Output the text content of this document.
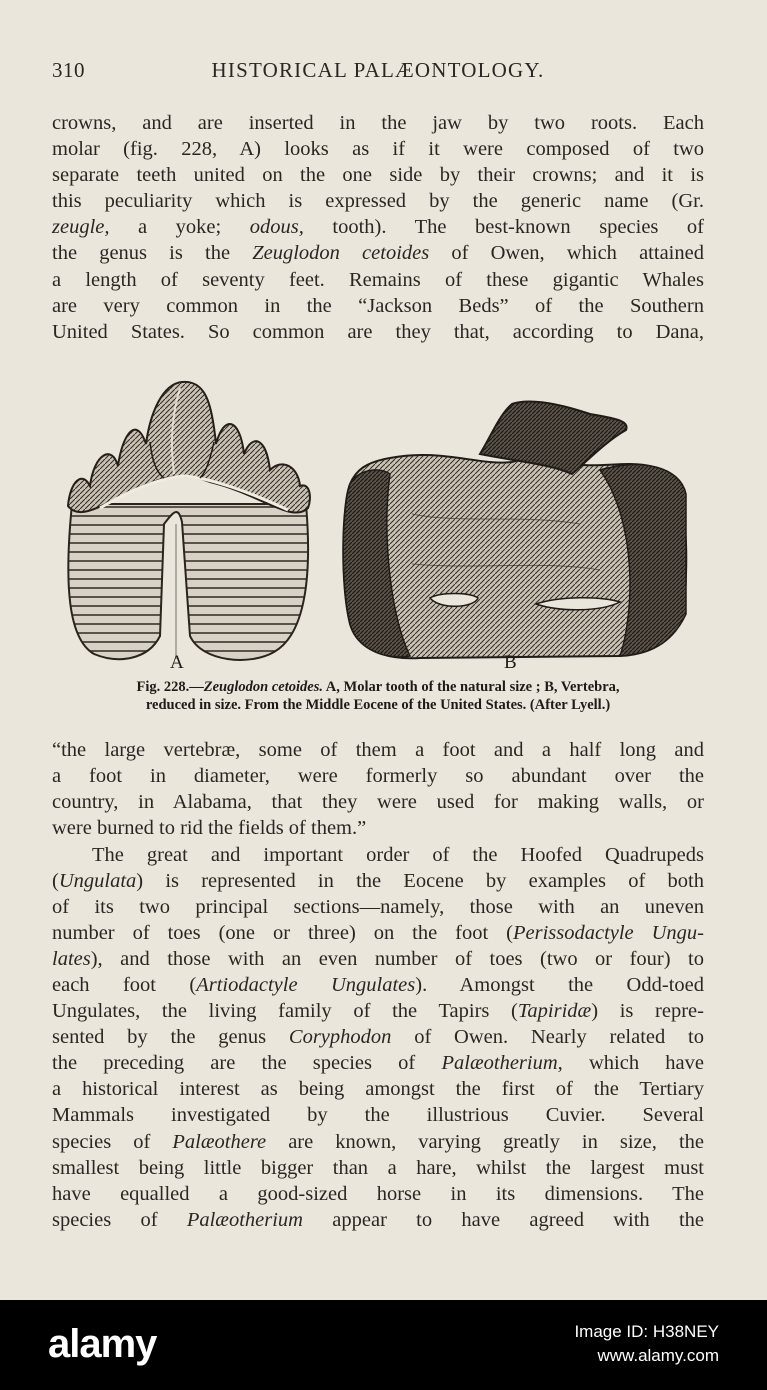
310	HISTORICAL PALÆONTOLOGY.
crowns, and are inserted in the jaw by two roots. Each
molar (fig. 228, A) looks as if it were composed of two
separate teeth united on the one side by their crowns; and it is
this peculiarity which is expressed by the generic name (Gr.
zeugle, a yoke; odous, tooth). The best-known species of
the genus is the Zeuglodon cetoides of Owen, which attained
a length of seventy feet. Remains of these gigantic Whales
are very common in the “Jackson Beds” of the Southern
United States. So common are they that, according to Dana,
A	B
Fig. 228.—Zeuglodon cetoides. A, Molar tooth of the natural size ; B, Vertebra,
reduced in size. From the Middle Eocene of the United States. (After Lyell.)
“the large vertebræ, some of them a foot and a half long and
a foot in diameter, were formerly so abundant over the
country, in Alabama, that they were used for making walls, or
were burned to rid the fields of them.”
The great and important order of the Hoofed Quadrupeds
(Ungulata) is represented in the Eocene by examples of both
of its two principal sections—namely, those with an uneven
number of toes (one or three) on the foot (Perissodactyle Ungu-
lates), and those with an even number of toes (two or four) to
each foot (Artiodactyle Ungulates). Amongst the Odd-toed
Ungulates, the living family of the Tapirs (Tapiridæ) is repre-
sented by the genus Coryphodon of Owen. Nearly related to
the preceding are the species of Palæotherium, which have
a historical interest as being amongst the first of the Tertiary
Mammals investigated by the illustrious Cuvier. Several
species of Palæothere are known, varying greatly in size, the
smallest being little bigger than a hare, whilst the largest must
have equalled a good-sized horse in its dimensions. The
species of Palæotherium appear to have agreed with the
alamy	Image ID: H38NEY
www.alamy.com
